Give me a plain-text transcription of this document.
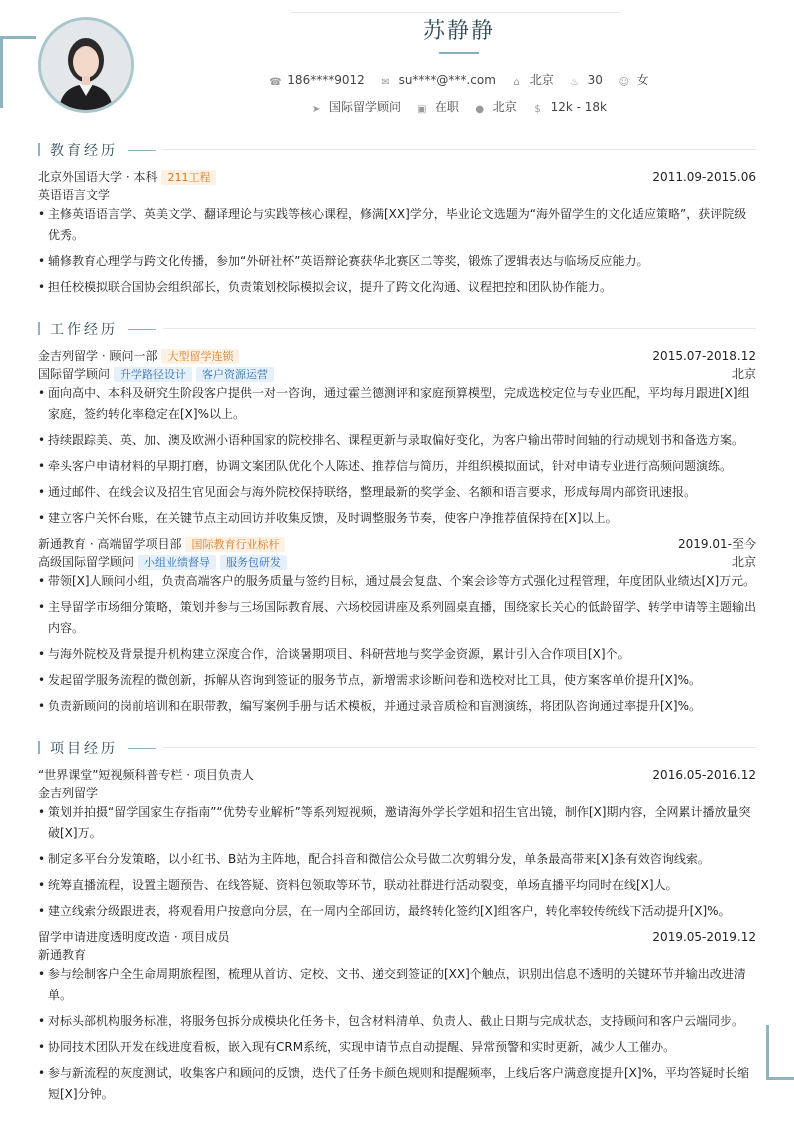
苏静静
☎ 186****9012 ✉ su****@***.com ⌂ 北京 ♨ 30 ☺ 女
➤ 国际留学顾问 ▣ 在职 ● 北京 $ 12k - 18k
教育经历
北京外国语大学 · 本科 211工程	2011.09-2015.06
英语语言文学
• 主修英语语言学、英美文学、翻译理论与实践等核心课程，修满[XX]学分，毕业论文选题为“海外留学生的文化适应策略”，获评院级优秀。
• 辅修教育心理学与跨文化传播，参加“外研社杯”英语辩论赛获华北赛区二等奖，锻炼了逻辑表达与临场反应能力。
• 担任校模拟联合国协会组织部长，负责策划校际模拟会议，提升了跨文化沟通、议程把控和团队协作能力。
工作经历
金吉列留学 · 顾问一部 大型留学连锁	2015.07-2018.12
国际留学顾问 升学路径设计 客户资源运营	北京
• 面向高中、本科及研究生阶段客户提供一对一咨询，通过霍兰德测评和家庭预算模型，完成选校定位与专业匹配，平均每月跟进[X]组家庭，签约转化率稳定在[X]%以上。
• 持续跟踪美、英、加、澳及欧洲小语种国家的院校排名、课程更新与录取偏好变化，为客户输出带时间轴的行动规划书和备选方案。
• 牵头客户申请材料的早期打磨，协调文案团队优化个人陈述、推荐信与简历，并组织模拟面试，针对申请专业进行高频问题演练。
• 通过邮件、在线会议及招生官见面会与海外院校保持联络，整理最新的奖学金、名额和语言要求，形成每周内部资讯速报。
• 建立客户关怀台账，在关键节点主动回访并收集反馈，及时调整服务节奏，使客户净推荐值保持在[X]以上。
新通教育 · 高端留学项目部 国际教育行业标杆	2019.01-至今
高级国际留学顾问 小组业绩督导 服务包研发	北京
• 带领[X]人顾问小组，负责高端客户的服务质量与签约目标，通过晨会复盘、个案会诊等方式强化过程管理，年度团队业绩达[X]万元。
• 主导留学市场细分策略，策划并参与三场国际教育展、六场校园讲座及系列圆桌直播，围绕家长关心的低龄留学、转学申请等主题输出内容。
• 与海外院校及背景提升机构建立深度合作，洽谈暑期项目、科研营地与奖学金资源，累计引入合作项目[X]个。
• 发起留学服务流程的微创新，拆解从咨询到签证的服务节点，新增需求诊断问卷和选校对比工具，使方案客单价提升[X]%。
• 负责新顾问的岗前培训和在职带教，编写案例手册与话术模板，并通过录音质检和盲测演练，将团队咨询通过率提升[X]%。
项目经历
“世界课堂”短视频科普专栏 · 项目负责人	2016.05-2016.12
金吉列留学
• 策划并拍摄“留学国家生存指南”“优势专业解析”等系列短视频，邀请海外学长学姐和招生官出镜，制作[X]期内容，全网累计播放量突破[X]万。
• 制定多平台分发策略，以小红书、B站为主阵地，配合抖音和微信公众号做二次剪辑分发，单条最高带来[X]条有效咨询线索。
• 统筹直播流程，设置主题预告、在线答疑、资料包领取等环节，联动社群进行活动裂变，单场直播平均同时在线[X]人。
• 建立线索分级跟进表，将观看用户按意向分层，在一周内全部回访，最终转化签约[X]组客户，转化率较传统线下活动提升[X]%。
留学申请进度透明度改造 · 项目成员	2019.05-2019.12
新通教育
• 参与绘制客户全生命周期旅程图，梳理从首访、定校、文书、递交到签证的[XX]个触点，识别出信息不透明的关键环节并输出改进清单。
• 对标头部机构服务标准，将服务包拆分成模块化任务卡，包含材料清单、负责人、截止日期与完成状态，支持顾问和客户云端同步。
• 协同技术团队开发在线进度看板，嵌入现有CRM系统，实现申请节点自动提醒、异常预警和实时更新，减少人工催办。
• 参与新流程的灰度测试，收集客户和顾问的反馈，迭代了任务卡颜色规则和提醒频率，上线后客户满意度提升[X]%，平均答疑时长缩短[X]分钟。
